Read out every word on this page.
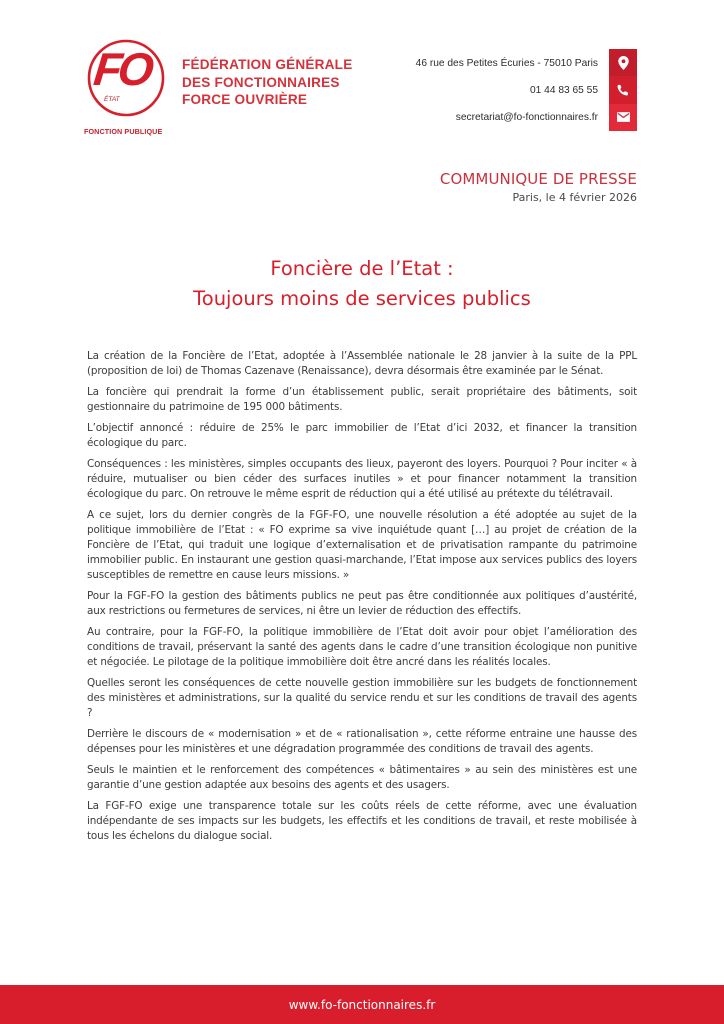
FO
ÉTAT
FONCTION PUBLIQUE
FÉDÉRATION GÉNÉRALE
DES FONCTIONNAIRES
FORCE OUVRIÈRE
46 rue des Petites Écuries - 75010 Paris
01 44 83 65 55
secretariat@fo-fonctionnaires.fr
COMMUNIQUE DE PRESSE
Paris, le 4 février 2026
Foncière de l’Etat :
Toujours moins de services publics

La création de la Foncière de l’Etat, adoptée à l’Assemblée nationale le 28 janvier à la suite de la PPL (proposition de loi) de Thomas Cazenave (Renaissance), devra désormais être examinée par le Sénat.

La foncière qui prendrait la forme d’un établissement public, serait propriétaire des bâtiments, soit gestionnaire du patrimoine de 195 000 bâtiments.

L’objectif annoncé : réduire de 25% le parc immobilier de l’Etat d’ici 2032, et financer la transition écologique du parc.

Conséquences : les ministères, simples occupants des lieux, payeront des loyers. Pourquoi ? Pour inciter « à réduire, mutualiser ou bien céder des surfaces inutiles » et pour financer notamment la transition écologique du parc. On retrouve le même esprit de réduction qui a été utilisé au prétexte du télétravail.

A ce sujet, lors du dernier congrès de la FGF-FO, une nouvelle résolution a été adoptée au sujet de la politique immobilière de l’Etat : « FO exprime sa vive inquiétude quant […] au projet de création de la Foncière de l’Etat, qui traduit une logique d’externalisation et de privatisation rampante du patrimoine immobilier public. En instaurant une gestion quasi-marchande, l’Etat impose aux services publics des loyers susceptibles de remettre en cause leurs missions. »

Pour la FGF-FO la gestion des bâtiments publics ne peut pas être conditionnée aux politiques d’austérité, aux restrictions ou fermetures de services, ni être un levier de réduction des effectifs.

Au contraire, pour la FGF-FO, la politique immobilière de l’Etat doit avoir pour objet l’amélioration des conditions de travail, préservant la santé des agents dans le cadre d’une transition écologique non punitive et négociée. Le pilotage de la politique immobilière doit être ancré dans les réalités locales.

Quelles seront les conséquences de cette nouvelle gestion immobilière sur les budgets de fonctionnement des ministères et administrations, sur la qualité du service rendu et sur les conditions de travail des agents ?

Derrière le discours de « modernisation » et de « rationalisation », cette réforme entraine une hausse des dépenses pour les ministères et une dégradation programmée des conditions de travail des agents.

Seuls le maintien et le renforcement des compétences « bâtimentaires » au sein des ministères est une garantie d’une gestion adaptée aux besoins des agents et des usagers.

La FGF-FO exige une transparence totale sur les coûts réels de cette réforme, avec une évaluation indépendante de ses impacts sur les budgets, les effectifs et les conditions de travail, et reste mobilisée à tous les échelons du dialogue social.

www.fo-fonctionnaires.fr
